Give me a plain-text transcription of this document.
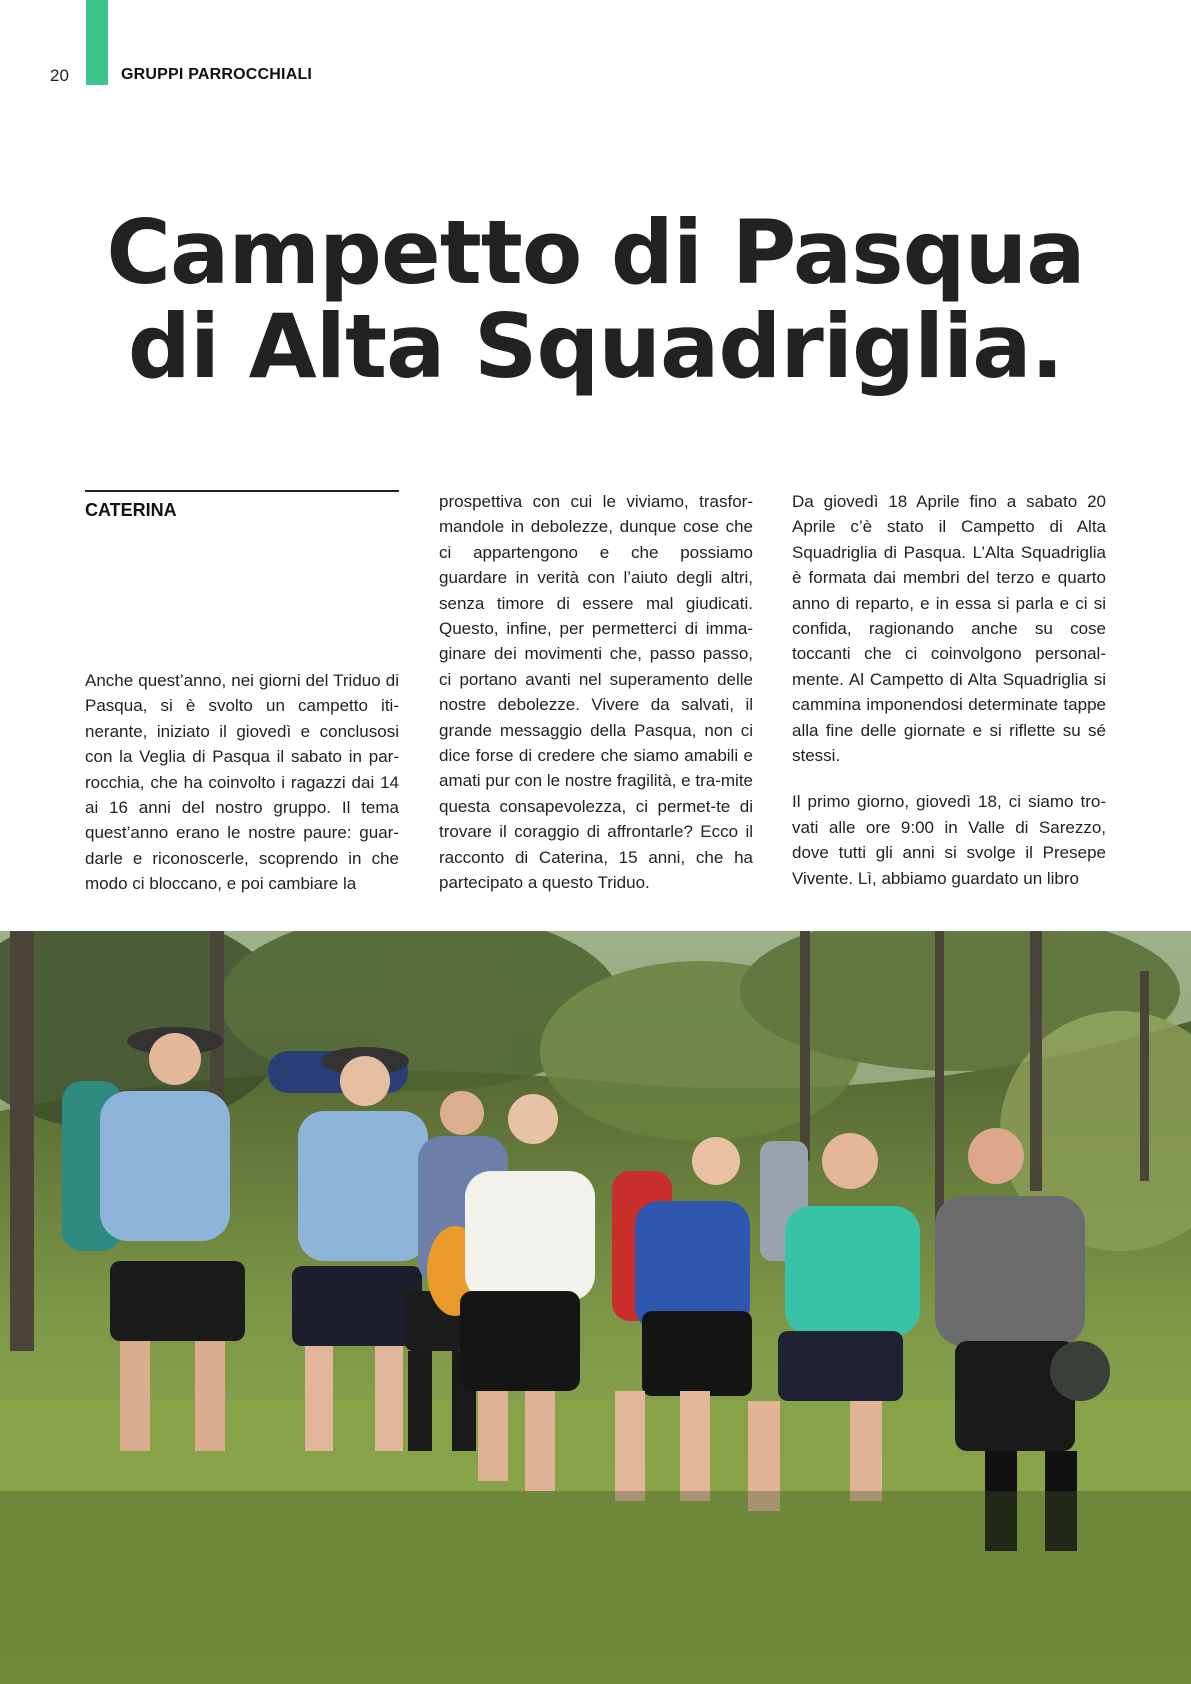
20	GRUPPI PARROCCHIALI
Campetto di Pasqua
di Alta Squadriglia.
CATERINA

Anche quest’anno, nei giorni del Triduo di Pasqua, si è svolto un campetto iti-nerante, iniziato il giovedì e conclusosi con la Veglia di Pasqua il sabato in par-rocchia, che ha coinvolto i ragazzi dai 14 ai 16 anni del nostro gruppo. Il tema quest’anno erano le nostre paure: guar-darle e riconoscerle, scoprendo in che modo ci bloccano, e poi cambiare la

prospettiva con cui le viviamo, trasfor-mandole in debolezze, dunque cose che ci appartengono e che possiamo guardare in verità con l’aiuto degli altri, senza timore di essere mal giudicati. Questo, infine, per permetterci di imma-ginare dei movimenti che, passo passo, ci portano avanti nel superamento delle nostre debolezze. Vivere da salvati, il grande messaggio della Pasqua, non ci dice forse di credere che siamo amabili e amati pur con le nostre fragilità, e tra-mite questa consapevolezza, ci permet-te di trovare il coraggio di affrontarle? Ecco il racconto di Caterina, 15 anni, che ha partecipato a questo Triduo.

Da giovedì 18 Aprile fino a sabato 20 Aprile c’è stato il Campetto di Alta Squadriglia di Pasqua. L’Alta Squadriglia è formata dai membri del terzo e quarto anno di reparto, e in essa si parla e ci si confida, ragionando anche su cose toccanti che ci coinvolgono personal-mente. Al Campetto di Alta Squadriglia si cammina imponendosi determinate tappe alla fine delle giornate e si riflette su sé stessi.

Il primo giorno, giovedì 18, ci siamo tro-vati alle ore 9:00 in Valle di Sarezzo, dove tutti gli anni si svolge il Presepe Vivente. Lì, abbiamo guardato un libro
